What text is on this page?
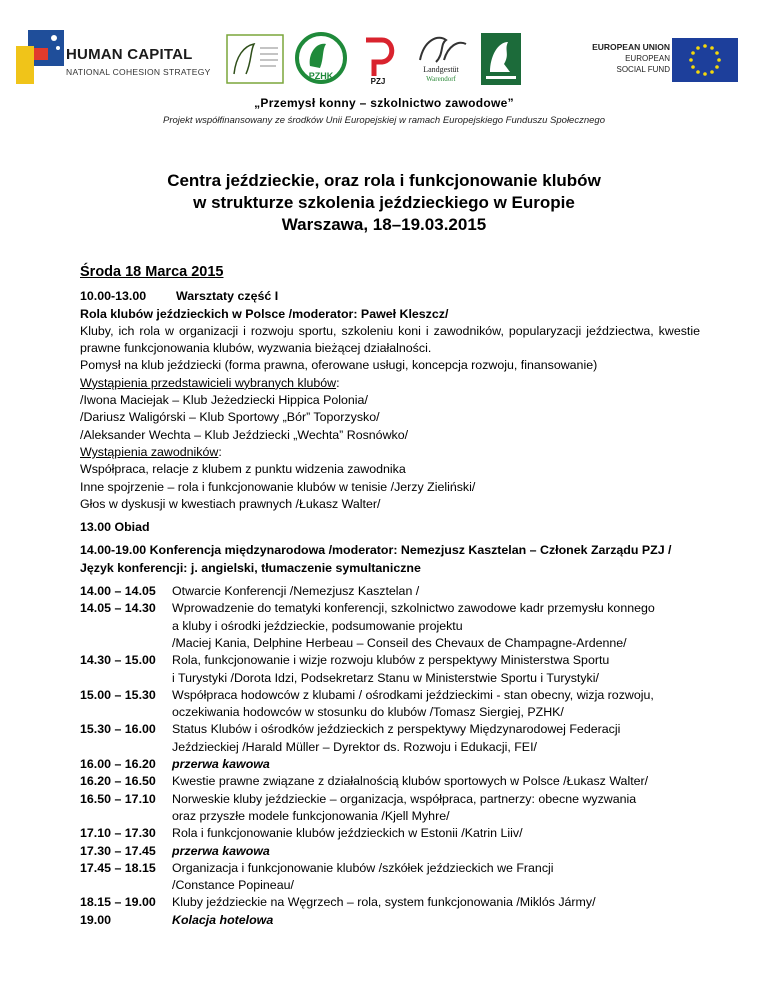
HUMAN CAPITAL
NATIONAL COHESION STRATEGY	PZHK
PZJ
Landgestüt
Warendorf
EUROPEAN UNION
EUROPEAN
SOCIAL FUND
„Przemysł konny – szkolnictwo zawodowe”
Projekt współfinansowany ze środków Unii Europejskiej w ramach Europejskiego Funduszu Społecznego
Centra jeździeckie, oraz rola i funkcjonowanie klubów
w strukturze szkolenia jeździeckiego w Europie
Warszawa, 18–19.03.2015
Środa 18 Marca 2015
10.00-13.00 Warsztaty część I
Rola klubów jeździeckich w Polsce /moderator: Paweł Kleszcz/
Kluby, ich rola w organizacji i rozwoju sportu, szkoleniu koni i zawodników, popularyzacji jeździectwa, kwestie prawne funkcjonowania klubów, wyzwania bieżącej działalności.
Pomysł na klub jeździecki (forma prawna, oferowane usługi, koncepcja rozwoju, finansowanie)
Wystąpienia przedstawicieli wybranych klubów:
/Iwona Maciejak – Klub Jeżedziecki Hippica Polonia/
/Dariusz Waligórski – Klub Sportowy „Bór” Toporzysko/
/Aleksander Wechta – Klub Jeździecki „Wechta” Rosnówko/
Wystąpienia zawodników:
Współpraca, relacje z klubem z punktu widzenia zawodnika
Inne spojrzenie – rola i funkcjonowanie klubów w tenisie /Jerzy Zieliński/
Głos w dyskusji w kwestiach prawnych /Łukasz Walter/
13.00 Obiad
14.00-19.00 Konferencja międzynarodowa /moderator: Nemezjusz Kasztelan – Członek Zarządu PZJ /
Język konferencji: j. angielski, tłumaczenie symultaniczne
14.00 – 14.05	Otwarcie Konferencji /Nemezjusz Kasztelan /

14.05 – 14.30	Wprowadzenie do tematyki konferencji, szkolnictwo zawodowe kadr przemysłu konnego
a kluby i ośrodki jeździeckie, podsumowanie projektu
/Maciej Kania, Delphine Herbeau – Conseil des Chevaux de Champagne-Ardenne/

14.30 – 15.00	Rola, funkcjonowanie i wizje rozwoju klubów z perspektywy Ministerstwa Sportu
i Turystyki /Dorota Idzi, Podsekretarz Stanu w Ministerstwie Sportu i Turystyki/

15.00 – 15.30	Współpraca hodowców z klubami / ośrodkami jeździeckimi - stan obecny, wizja rozwoju,
oczekiwania hodowców w stosunku do klubów /Tomasz Siergiej, PZHK/

15.30 – 16.00	Status Klubów i ośrodków jeździeckich z perspektywy Międzynarodowej Federacji
Jeździeckiej /Harald Müller – Dyrektor ds. Rozwoju i Edukacji, FEI/

16.00 – 16.20	przerwa kawowa

16.20 – 16.50	Kwestie prawne związane z działalnością klubów sportowych w Polsce /Łukasz Walter/

16.50 – 17.10	Norweskie kluby jeździeckie – organizacja, współpraca, partnerzy: obecne wyzwania
oraz przyszłe modele funkcjonowania /Kjell Myhre/

17.10 – 17.30	Rola i funkcjonowanie klubów jeździeckich w Estonii /Katrin Liiv/

17.30 – 17.45	przerwa kawowa

17.45 – 18.15	Organizacja i funkcjonowanie klubów /szkółek jeździeckich we Francji
/Constance Popineau/

18.15 – 19.00	Kluby jeździeckie na Węgrzech – rola, system funkcjonowania /Miklós Jármy/

19.00	Kolacja hotelowa
